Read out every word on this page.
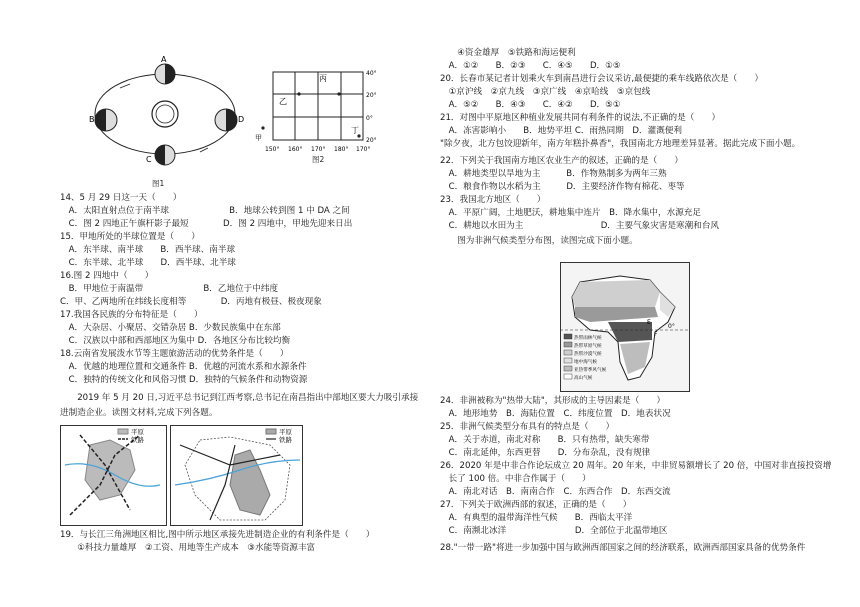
A
B
C
D
图1
丙
乙
丁
甲
40°
20°
0°
20°
150° 160° 170° 180° 170°
图2
14、5 月 29 日这一天（　　）
　A．太阳直射点位于南半球　　　　　　　B．地球公转到图 1 中 DA 之间
　C．图 2 四地正午旗杆影子最短　　　　D．图 2 四地中，甲地先迎来日出
15．甲地所处的半球位置是（　　）
　A．东半球、南半球　　B．西半球、南半球
　C．东半球、北半球　　D．西半球、北半球
16.图 2 四地中（　　）
　B．甲地位于南温带　　　　　　　B．乙地位于中纬度
C．甲、乙两地所在纬线长度相等　　　　D．丙地有极昼、极夜现象
17.我国各民族的分布特征是（　　）
　A．大杂居、小聚居、交错杂居 B．少数民族集中在东部
　C．汉族以中部和西部地区为集中 D．各地区分布比较均衡
18.云南省发展泼水节等主题旅游活动的优势条件是（　　）
　A．优越的地理位置和交通条件 B．优越的河流水系和水源条件
　C．独特的传统文化和风俗习惯 D．独特的气候条件和动物资源
　　2019 年 5 月 20 日,习近平总书记到江西考察,总书记在南昌指出中部地区要大力吸引承接
进制造企业。读图文材料,完成下列各题。
平原
铁路
平原
铁路
19．与长江三角洲地区相比,图中所示地区承接先进制造企业的有利条件是（　　）
　　①科技力量雄厚　②工资、用地等生产成本　③水能等资源丰富
　　④资金雄厚　⑤铁路和海运便利
　A．①②　　B．②③　　C．④⑤　　D．①⑤
20．长春市某记者计划乘火车到南昌进行会议采访,最便捷的乘车线路依次是（　　）
　①京沪线　②京九线　③京广线　④京哈线　⑤京包线
　A．⑤②　　B．④③　　C．④②　　D．⑤①
21．对图中平原地区种植业发展共同有利条件的说法,不正确的是（　　）
　A．冻害影响小　　B．地势平坦 C．雨热同期　D．灌溉便利
"除夕夜，北方包饺迎新年，南方年糕扑鼻香"，我国南北方地理差异显著。据此完成下面小题。
22．下列关于我国南方地区农业生产的叙述，正确的是（　　）
　A．耕地类型以旱地为主　　　B．作物熟制多为两年三熟
　C．粮食作物以水稻为主　　　D．主要经济作物有棉花、枣等
23．我国北方地区（　　）
　A．平原广阔，土地肥沃，耕地集中连片　B．降水集中，水源充足
　C．耕地以水田为主　　　　　　　　　D．主要气象灾害是寒潮和台风
　　图为非洲气候类型分布图，读图完成下面小题。
0°
E
F
热带雨林气候
热带草原气候
热带沙漠气候
地中海气候
亚热带季风气候
高山气候
24．非洲被称为"热带大陆"，其形成的主导因素是（　　）
　A．地形地势　B．海陆位置　C．纬度位置　D．地表状况
25．非洲气候类型分布具有的特点是（　　）
　A．关于赤道，南北对称　　B．只有热带，缺失寒带
　C．南北延伸，东西更替　　D．分布杂乱，没有规律
26．2020 年是中非合作论坛成立 20 周年。20 年来，中非贸易额增长了 20 倍，中国对非直接投资增
　长了 100 倍。中非合作属于（　　）
　A．南北对话　B．南南合作　C．东西合作　D．东西交流
27．下列关于欧洲西部的叙述，正确的是（　　）
　A．有典型的温带海洋性气候　　B．西临太平洋
　C．南濒北冰洋　　　　　　　　D．全部位于北温带地区
28."一带一路"将进一步加强中国与欧洲西部国家之间的经济联系，欧洲西部国家具备的优势条件
